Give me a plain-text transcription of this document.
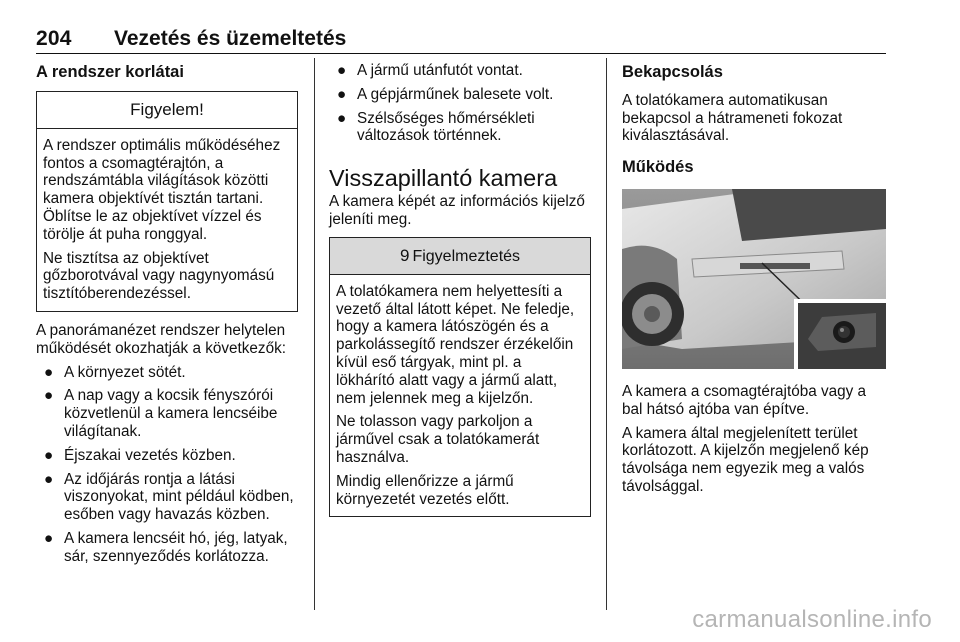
204 Vezetés és üzemeltetés

A rendszer korlátai

Figyelem!

A rendszer optimális működéséhez fontos a csomagtérajtón, a rendszámtábla világítások közötti kamera objektívét tisztán tartani. Öblítse le az objektívet vízzel és törölje át puha ronggyal.

Ne tisztítsa az objektívet gőzborotvával vagy nagynyomású tisztítóberendezéssel.

A panorámanézet rendszer helytelen működését okozhatják a következők:

● A környezet sötét.
● A nap vagy a kocsik fényszórói közvetlenül a kamera lencséibe világítanak.
● Éjszakai vezetés közben.
● Az időjárás rontja a látási viszonyokat, mint például ködben, esőben vagy havazás közben.
● A kamera lencséit hó, jég, latyak, sár, szennyeződés korlátozza.
● A jármű utánfutót vontat.
● A gépjárműnek balesete volt.
● Szélsőséges hőmérsékleti változások történnek.

Visszapillantó kamera

A kamera képét az információs kijelző jeleníti meg.

9 Figyelmeztetés

A tolatókamera nem helyettesíti a vezető által látott képet. Ne feledje, hogy a kamera látószögén és a parkolássegítő rendszer érzékelőin kívül eső tárgyak, mint pl. a lökhárító alatt vagy a jármű alatt, nem jelennek meg a kijelzőn.

Ne tolasson vagy parkoljon a járművel csak a tolatókamerát használva.

Mindig ellenőrizze a jármű környezetét vezetés előtt.

Bekapcsolás

A tolatókamera automatikusan bekapcsol a hátrameneti fokozat kiválasztásával.

Működés

A kamera a csomagtérajtóba vagy a bal hátsó ajtóba van építve.

A kamera által megjelenített terület korlátozott. A kijelzőn megjelenő kép távolsága nem egyezik meg a valós távolsággal.

carmanualsonline.info
